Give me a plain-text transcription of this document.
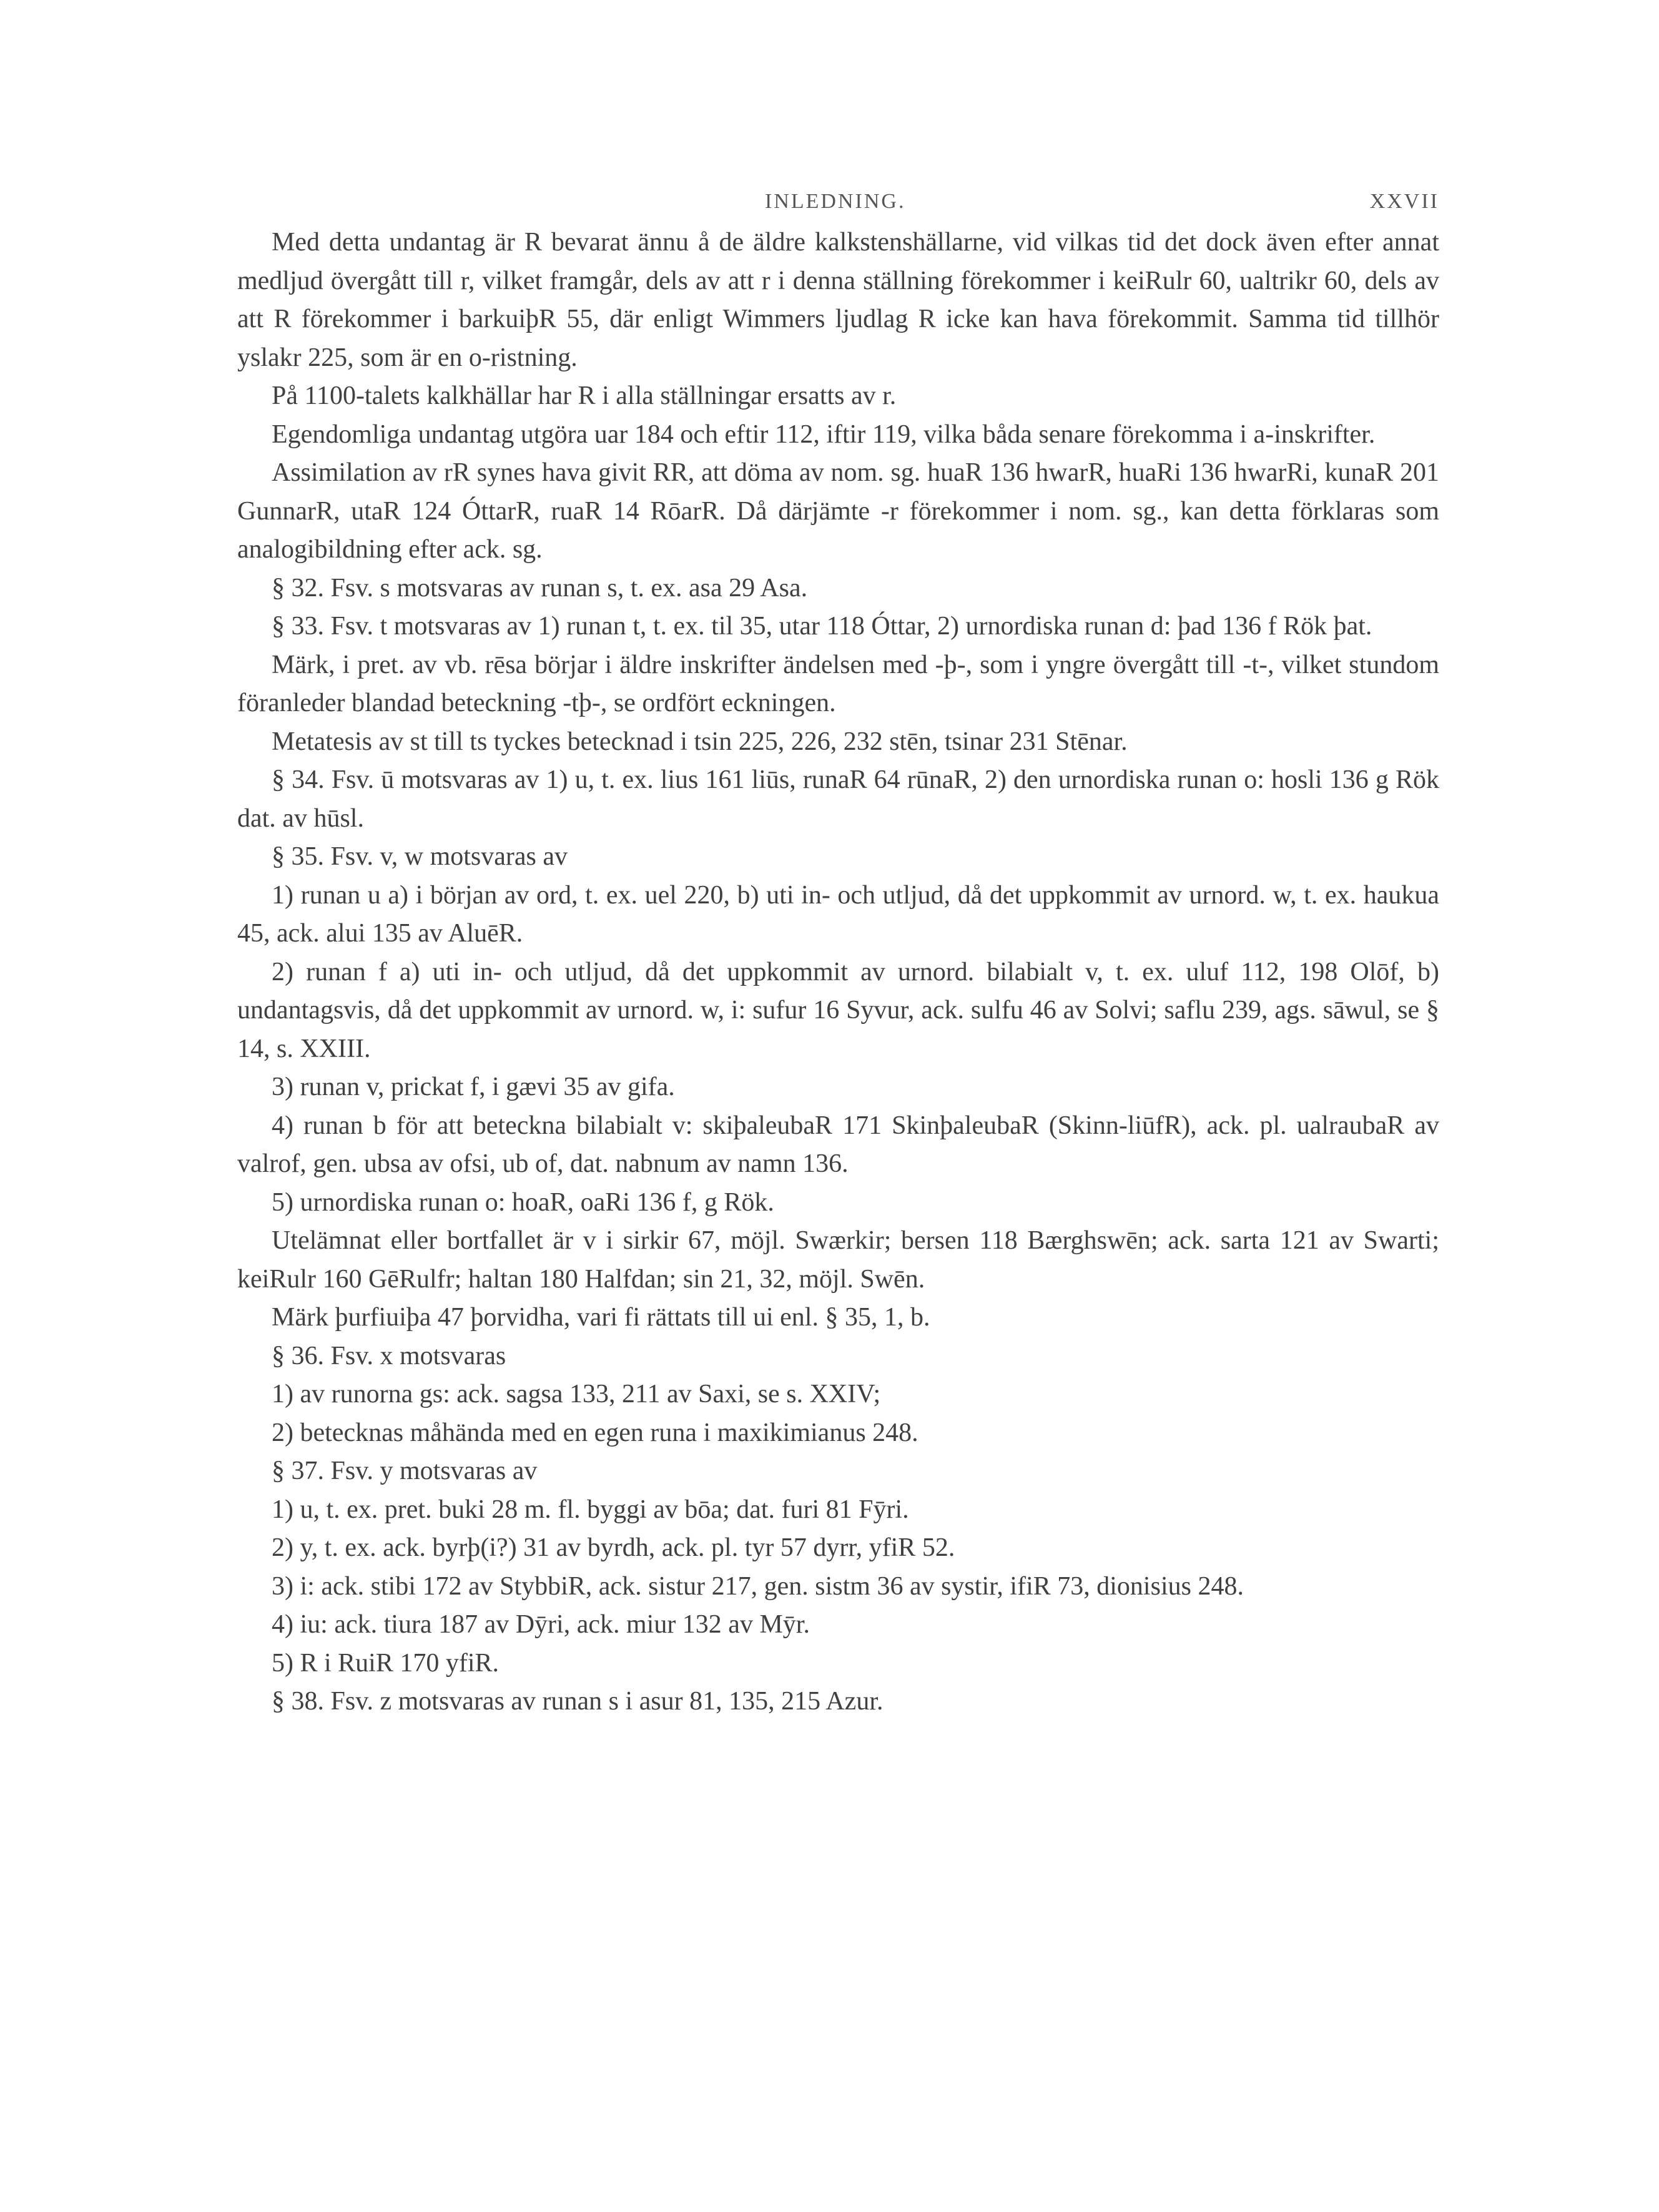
INLEDNING.	XXVII

Med detta undantag är R bevarat ännu å de äldre kalkstenshällarne, vid vilkas tid det dock även efter annat medljud övergått till r, vilket framgår, dels av att r i denna ställning förekommer i keiRulr 60, ualtrikr 60, dels av att R förekommer i barkuiþR 55, där enligt Wimmers ljudlag R icke kan hava förekommit. Samma tid tillhör yslakr 225, som är en o-ristning.

På 1100-talets kalkhällar har R i alla ställningar ersatts av r.

Egendomliga undantag utgöra uar 184 och eftir 112, iftir 119, vilka båda senare förekomma i a-inskrifter.

Assimilation av rR synes hava givit RR, att döma av nom. sg. huaR 136 hwarR, huaRi 136 hwarRi, kunaR 201 GunnarR, utaR 124 ÓttarR, ruaR 14 RōarR. Då därjämte -r förekommer i nom. sg., kan detta förklaras som analogibildning efter ack. sg.

§ 32. Fsv. s motsvaras av runan s, t. ex. asa 29 Asa.

§ 33. Fsv. t motsvaras av 1) runan t, t. ex. til 35, utar 118 Óttar, 2) urnordiska runan d: þad 136 f Rök þat.

Märk, i pret. av vb. rēsa börjar i äldre inskrifter ändelsen med -þ-, som i yngre övergått till -t-, vilket stundom föranleder blandad beteckning -tþ-, se ordfört eckningen.

Metatesis av st till ts tyckes betecknad i tsin 225, 226, 232 stēn, tsinar 231 Stēnar.

§ 34. Fsv. ū motsvaras av 1) u, t. ex. lius 161 liūs, runaR 64 rūnaR, 2) den urnordiska runan o: hosli 136 g Rök dat. av hūsl.

§ 35. Fsv. v, w motsvaras av

1) runan u a) i början av ord, t. ex. uel 220, b) uti in- och utljud, då det uppkommit av urnord. w, t. ex. haukua 45, ack. alui 135 av AluēR.

2) runan f a) uti in- och utljud, då det uppkommit av urnord. bilabialt v, t. ex. uluf 112, 198 Olōf, b) undantagsvis, då det uppkommit av urnord. w, i: sufur 16 Syvur, ack. sulfu 46 av Solvi; saflu 239, ags. sāwul, se § 14, s. XXIII.

3) runan v, prickat f, i gævi 35 av gifa.

4) runan b för att beteckna bilabialt v: skiþaleubaR 171 SkinþaleubaR (Skinn-liūfR), ack. pl. ualraubaR av valrof, gen. ubsa av ofsi, ub of, dat. nabnum av namn 136.

5) urnordiska runan o: hoaR, oaRi 136 f, g Rök.

Utelämnat eller bortfallet är v i sirkir 67, möjl. Swærkir; bersen 118 Bærghswēn; ack. sarta 121 av Swarti; keiRulr 160 GēRulfr; haltan 180 Halfdan; sin 21, 32, möjl. Swēn.

Märk þurfiuiþa 47 þorvidha, vari fi rättats till ui enl. § 35, 1, b.

§ 36. Fsv. x motsvaras

1) av runorna gs: ack. sagsa 133, 211 av Saxi, se s. XXIV;

2) betecknas måhända med en egen runa i maxikimianus 248.

§ 37. Fsv. y motsvaras av

1) u, t. ex. pret. buki 28 m. fl. byggi av bōa; dat. furi 81 Fȳri.

2) y, t. ex. ack. byrþ(i?) 31 av byrdh, ack. pl. tyr 57 dyrr, yfiR 52.

3) i: ack. stibi 172 av StybbiR, ack. sistur 217, gen. sistm 36 av systir, ifiR 73, dionisius 248.

4) iu: ack. tiura 187 av Dȳri, ack. miur 132 av Mȳr.

5) R i RuiR 170 yfiR.

§ 38. Fsv. z motsvaras av runan s i asur 81, 135, 215 Azur.
